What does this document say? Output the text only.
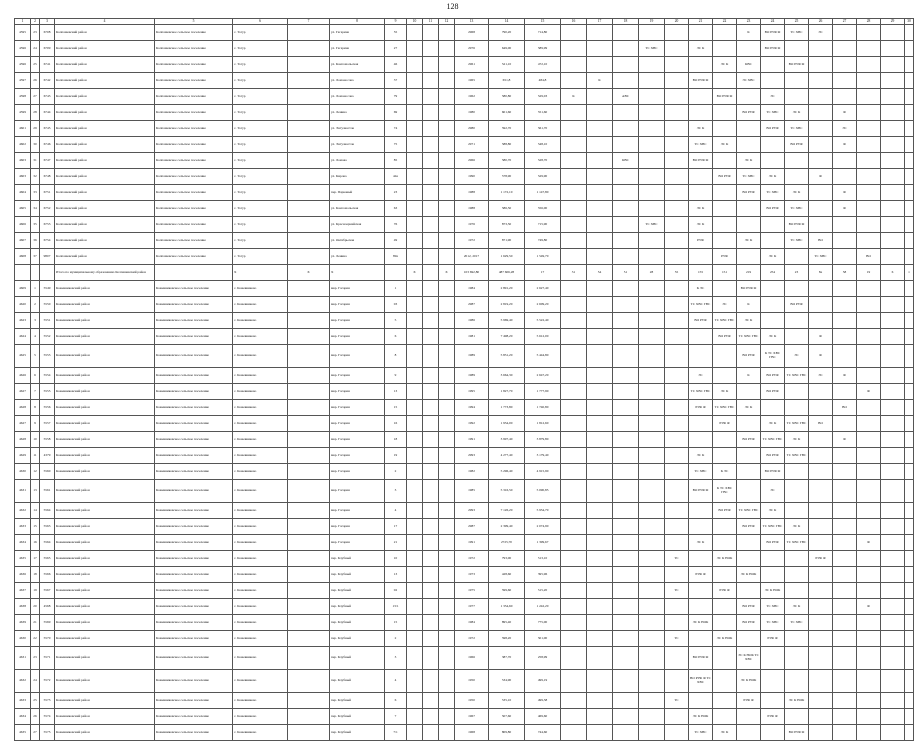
128
1	2	3	4	5	6	7	8	9	10	11	12	13	14	15	16	17	18	19	20	21	22	23	24	25	26	27	28	29	30
4595	23	6708	Колпашевский район	Колпашевское сельское поселение	с. Тогур		ул. Гагарина	55				2968	790,20	714,80								К	ВО РУФ Ф	ТС ХВС	ЭС				
4596	24	6709	Колпашевский район	Колпашевское сельское поселение	с. Тогур		ул. Гагарина	27				2976	649,00	589,99				ТС ХВС		ЭС К			ВО РУФ Ф						
4596	25	6741	Колпашевский район	Колпашевское сельское поселение	с. Тогур		ул. Комсомольская	46				2961	521,10	472,10							ЭС К	КВС		ВО РУФ Ф					
4597	26	6742	Колпашевский район	Колпашевское сельское поселение	с. Тогур		ул. Ломоносова	37				1965	651,8	484,8		К				ВО РУФ Ф		ЭС ХВС							
4598	27	6743	Колпашевский район	Колпашевское сельское поселение	с. Тогур		ул. Ломоносова	79				1962	580,80	529,03	К		АВС				ВО РУФ Ф		ЭС						
4599	28	6744	Колпашевский район	Колпашевское сельское поселение	с. Тогур		ул. Ленина	69				1980	601,60	551,60								ВО РУФ	ТС ХВС	ЭС К		Ф			
4601	29	6745	Колпашевский район	Колпашевское сельское поселение	с. Тогур		ул. Энтузиастов	74				2980	592,70	561,70						ЭС К			ВО РУФ	ТС ХВС		ЭС			
4602	30	6746	Колпашевский район	Колпашевское сельское поселение	с. Тогур		ул. Энтузиастов	75				2971	588,80	548,10						ТС ХВС	ЭС К			ВО РУФ		Ф			
4603	31	6747	Колпашевский район	Колпашевское сельское поселение	с. Тогур		ул. Ломова	85				2966	580,70	528,70			КВС			ВО РУФ Ф		ЭС К							
4603	32	6748	Колпашевский район	Колпашевское сельское поселение	с. Тогур		ул. Кирова	44а				1990	578,90	529,90							ВО РУФ	ТС ХВС	ЭС К		Ф				
4604	33	6751	Колпашевский район	Колпашевское сельское поселение	с. Тогур		пер. Парковый	23				1988	1 172,10	1 147,80								ВО РУФ	ТС ХВС	ЭС К		Ф			
4605	34	6752	Колпашевский район	Колпашевское сельское поселение	с. Тогур		ул. Комсомольская	63				1988	586,50	556,00						ЭС К			ВО РУФ	ТС ХВС		Ф			
4606	35	6753	Колпашевский район	Колпашевское сельское поселение	с. Тогур		ул. Красноармейская	76				1976	873,50	715,90				ТС ХВС		ЭС К				ВО РУФ Ф					
4607	36	6754	Колпашевский район	Колпашевское сельское поселение	с. Тогур		ул. Октябрьская	49				1972	871,90	749,80						РУФ		ЭС К		ТС ХВС	ВО				
4608	37	9807	Колпашевский район	Колпашевское сельское поселение	с. Тогур		ул. Ленина	89а				2012, 2017	1 629,50	1 549,70							РУФ		ЭС К		ТС ХВС		ВО		
			Итого по муниципальному образованию Колпашевский район		Х	Х	Х		Х		Х	103 692,80	487 606,28	17	31	54	51	28	55	155	151	219	254	23	8а	58	19	6	1
4609	1	5549	Кожевниковский район	Кожевниковское сельское поселение	с. Кожевниково		мкр. Гагарин	1				1984	2 891,20	2 627,40						К ЭС		ВО РУФ Ф							
4620	2	5550	Кожевниковский район	Кожевниковское сельское поселение	с. Кожевниково		мкр. Гагарин	03				2987	2 819,20	2 609,20						ТС ХВС ГВС	ЭС	К		ВО РУФ					
4623	3	5551	Кожевниковский район	Кожевниковское сельское поселение	с. Кожевниково		мкр. Гагарин	5				1986	5 969,40	5 522,40						ВО РУФ	ТС ХВС ГВС	ЭС К							
4624	4	5552	Кожевниковский район	Кожевниковское сельское поселение	с. Кожевниково		мкр. Гагарин	6				1981	7 498,20	5 612,00							ВО РУФ	ТС ХВС ГВС	ЭС К		Ф				
4625	5	5553	Кожевниковский район	Кожевниковское сельское поселение	с. Кожевниково		мкр. Гагарин	8				1989	5 831,20	5 444,80								ВО РУФ	К ТС ХВС ГВС	ЭС	Ф				
4626	6	5554	Кожевниковский район	Кожевниковское сельское поселение	с. Кожевниково		мкр. Гагарин	9				1989	3 664,30	2 647,20						ЭС		К	ВО РУФ	ТС ХВС ГВС	ЭС	Ф			
4627	7	5555	Кожевниковский район	Кожевниковское сельское поселение	с. Кожевниково		мкр. Гагарин	13				1995	1 827,70	1 777,90						ТС ХВС ГВС	ЭС К		ВО РУФ				Ф		
4628	8	5556	Кожевниковский район	Кожевниковское сельское поселение	с. Кожевниково		мкр. Гагарин	15				1994	1 773,80	1 740,80						РУФ Ф	ТС ХВС ГВС	ЭС К				ВО			
4627	9	5557	Кожевниковский район	Кожевниковское сельское поселение	с. Кожевниково		мкр. Гагарин	16				1992	1 934,00	1 812,60							РУФ Ф		ЭС К	ТС ХВС ГВС	ВО				
4628	10	5558	Кожевниковский район	Кожевниковское сельское поселение	с. Кожевниково		мкр. Гагарин	18				1991	3 997,40	3 879,80								ВО РУФ	ТС ХВС ГВС	ЭС К		Ф			
4629	11	4379	Кожевниковский район	Кожевниковское сельское поселение	с. Кожевниково		мкр. Гагарин	19				2993	4 277,40	3 179,40						ЭС К			ВО РУФ	ТС ХВС ГВС					
4630	12	5560	Кожевниковский район	Кожевниковское сельское поселение	с. Кожевниково		мкр. Гагарин	2				1982	5 296,40	4 915,90						ТС ХВС	К ЭС		ВО РУФ Ф						
4631	13	5561	Кожевниковский район	Кожевниковское сельское поселение	с. Кожевниково		мкр. Гагарин	3				1985	5 316,50	5 090,85						ВО РУФ Ф	К ТС ХВС ГВС		ЭС						
4632	14	5564	Кожевниковский район	Кожевниковское сельское поселение	с. Кожевниково		мкр. Гагарин	4				2993	7 126,20	5 934,70							ВО РУФ	ТС ХВС ГВС	ЭС К						
4633	15	5563	Кожевниковский район	Кожевниковское сельское поселение	с. Кожевниково		мкр. Гагарин	17				2987	2 399,40	2 074,90								ВО РУФ	ТС ХВС ГВС	ЭС К					
4634	16	5564	Кожевниковский район	Кожевниковское сельское поселение	с. Кожевниково		мкр. Гагарин	21				1991	2725,70	1 399,67						ЭС К			ВО РУФ	ТС ХВС ГВС			Ф		
4635	17	5565	Кожевниковский район	Кожевниковское сельское поселение	с. Кожевниково		пер. Клубный	10				1972	793,00	513,10					ТС		ЭС К НОК				РУФ Ф				
4636	18	5566	Кожевниковский район	Кожевниковское сельское поселение	с. Кожевниково		пер. Клубный	13				1973	428,60	395,96						РУФ Ф		ЭС К НОК							
4637	19	5567	Кожевниковский район	Кожевниковское сельское поселение	с. Кожевниково		пер. Клубный	02				1975	599,60	515,20					ТС		РУФ Ф		ЭС К НОК						
4638	20	4568	Кожевниковский район	Кожевниковское сельское поселение	с. Кожевниково		пер. Клубный	13/1				1977	1 334,60	1 242,20								ВО РУФ	ТС ХВС	ЭС К			Ф		
4639	21	5569	Кожевниковский район	Кожевниковское сельское поселение	с. Кожевниково		пер. Клубный	15				1984	895,40	775,00						ЭС К НОК		ВО РУФ	ТС ХВС	ТС ХВС					
4630	22	5570	Кожевниковский район	Кожевниковское сельское поселение	с. Кожевниково		пер. Клубный	2				1972	598,20	501,00					ТС		ЭС К НОК		РУФ Ф						
4631	23	5571	Кожевниковский район	Кожевниковское сельское поселение	с. Кожевниково		пер. Клубный	3				1966	387,70	258,99						ВО РУФ Ф		ЭС К НОК ТС ХВС							
4632	24	5572	Кожевниковский район	Кожевниковское сельское поселение	с. Кожевниково		пер. Клубный	4				1950	534,90	499,19						ВО РУФ Ф ТС ХВС		ЭС К НОК							
4633	25	5573	Кожевниковский район	Кожевниковское сельское поселение	с. Кожевниково		пер. Клубный	6				1950	535,10	499,38					ТС			РУФ Ф		ЭС К НОК					
4634	26	5574	Кожевниковский район	Кожевниковское сельское поселение	с. Кожевниково		пер. Клубный	7				1967	507,60	469,60						ЭС К НОК			РУФ Ф						
4635	27	5575	Кожевниковский район	Кожевниковское сельское поселение	с. Кожевниково		пер. Клубный	7/1				1968	809,80	744,60						ТС ХВС	ЭС К			ВО РУФ Ф					
